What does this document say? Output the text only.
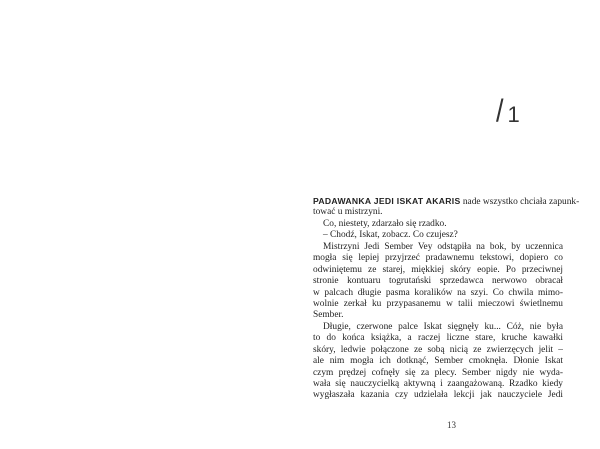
/ 1
PADAWANKA JEDI ISKAT AKARIS nade wszystko chciała zapunk-
tować u mistrzyni.
Co, niestety, zdarzało się rzadko.
– Chodź, Iskat, zobacz. Co czujesz?
Mistrzyni Jedi Sember Vey odstąpiła na bok, by uczennica
mogła się lepiej przyjrzeć pradawnemu tekstowi, dopiero co
odwiniętemu ze starej, miękkiej skóry eopie. Po przeciwnej
stronie kontuaru togrutański sprzedawca nerwowo obracał
w palcach długie pasma koralików na szyi. Co chwila mimo-
wolnie zerkał ku przypasanemu w talii mieczowi świetlnemu
Sember.
Długie, czerwone palce Iskat sięgnęły ku... Cóż, nie była
to do końca książka, a raczej liczne stare, kruche kawałki
skóry, ledwie połączone ze sobą nicią ze zwierzęcych jelit –
ale nim mogła ich dotknąć, Sember cmoknęła. Dłonie Iskat
czym prędzej cofnęły się za plecy. Sember nigdy nie wyda-
wała się nauczycielką aktywną i zaangażowaną. Rzadko kiedy
wygłaszała kazania czy udzielała lekcji jak nauczyciele Jedi
13
